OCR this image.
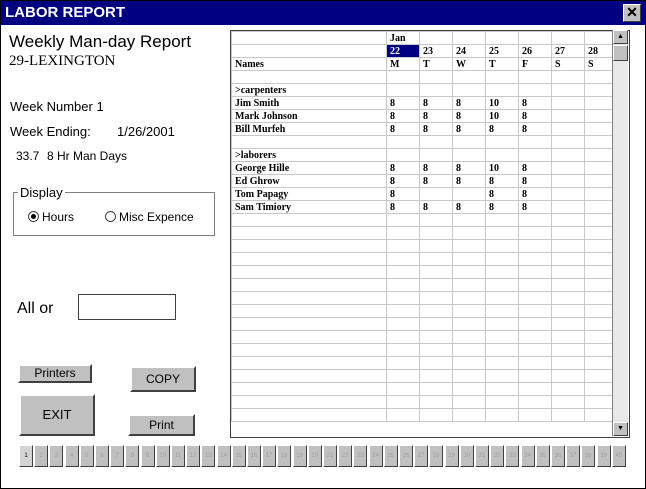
LABOR REPORT	✕
Weekly Man-day Report
29-LEXINGTON
Week Number 1
Week Ending: 1/26/2001
33.7 8 Hr Man Days
Display
Hours	Misc Expence
All or
Printers	COPY
EXIT
Print
	Jan						
	22	23	24	25	26	27	28
Names	M	T	W	T	F	S	S

>carpenters							
Jim Smith	8	8	8	10	8		
Mark Johnson	8	8	8	10	8		
Bill Murfeh	8	8	8	8	8		

>laborers							
George Hille	8	8	8	10	8		
Ed Ghrow	8	8	8	8	8		
Tom Papagy	8			8	8		
Sam Timiory	8	8	8	8	8		

▲
▼
1	2	3	4	5	6	7	8	9	10	11	12	13	14	15	16	17	18	19	20	21	22	23	24	25	26	27	28	29	30	31	32	33	34	35	36	37	38	39	40
